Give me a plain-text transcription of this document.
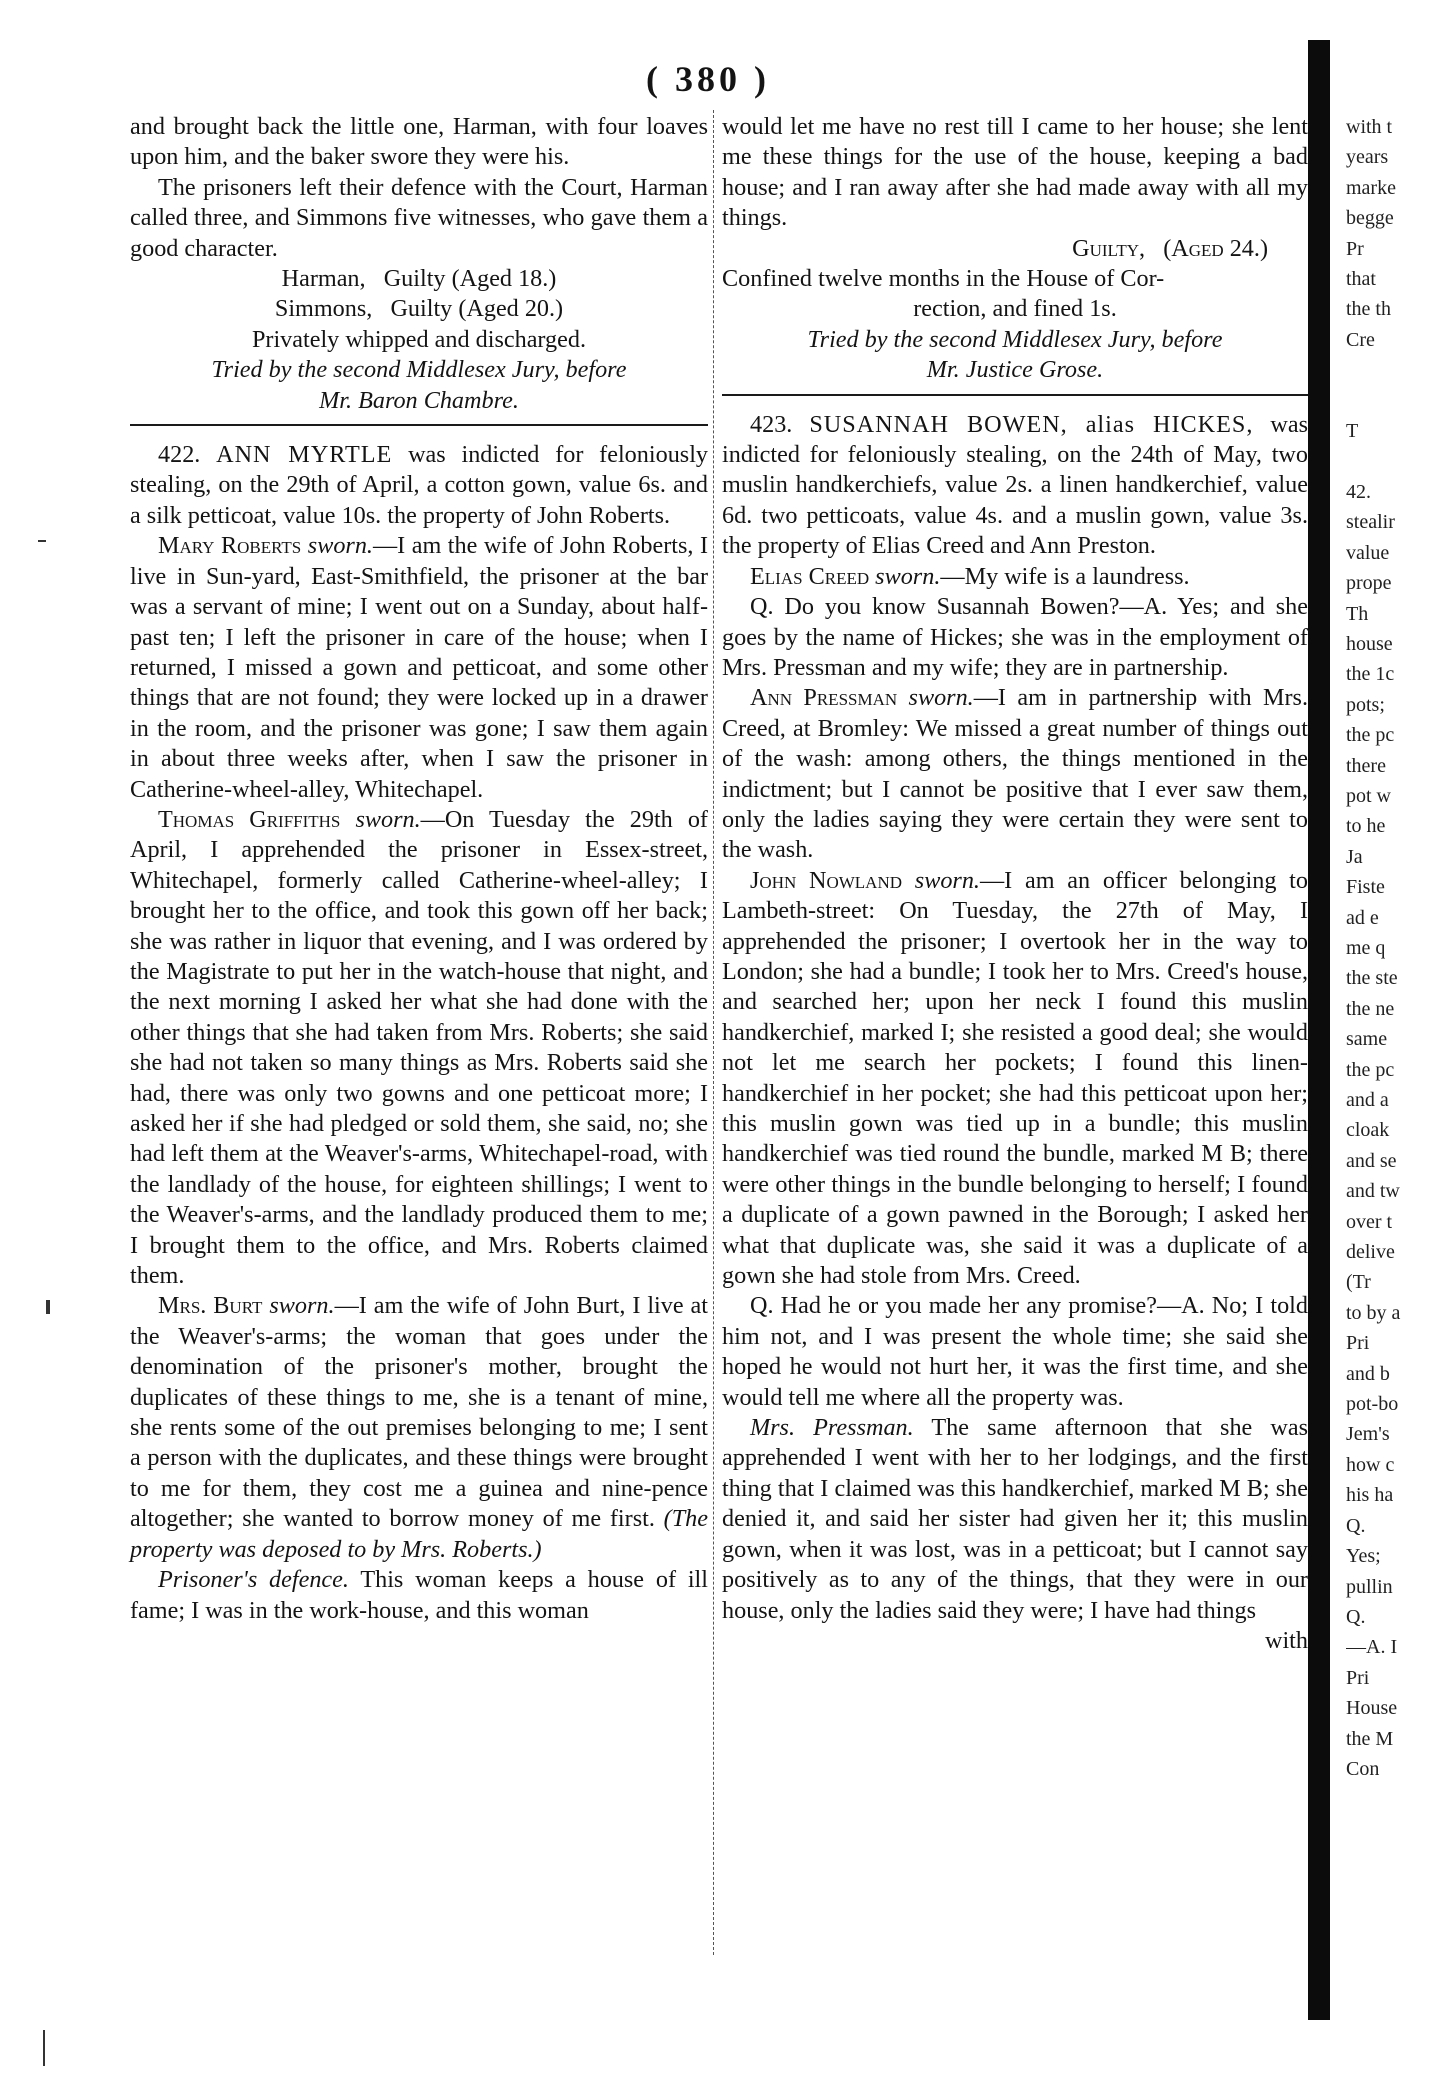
( 380 )

and brought back the little one, Harman, with four loaves upon him, and the baker swore they were his.

The prisoners left their defence with the Court, Harman called three, and Simmons five witnesses, who gave them a good character.

Harman,   Guilty (Aged 18.)

Simmons,   Guilty (Aged 20.)

Privately whipped and discharged.

Tried by the second Middlesex Jury, before

Mr. Baron Chambre.

422. ANN MYRTLE was indicted for feloniously stealing, on the 29th of April, a cotton gown, value 6s. and a silk petticoat, value 10s. the property of John Roberts.

Mary Roberts sworn.—I am the wife of John Roberts, I live in Sun-yard, East-Smithfield, the prisoner at the bar was a servant of mine; I went out on a Sunday, about half-past ten; I left the prisoner in care of the house; when I returned, I missed a gown and petticoat, and some other things that are not found; they were locked up in a drawer in the room, and the prisoner was gone; I saw them again in about three weeks after, when I saw the prisoner in Catherine-wheel-alley, Whitechapel.

Thomas Griffiths sworn.—On Tuesday the 29th of April, I apprehended the prisoner in Essex-street, Whitechapel, formerly called Catherine-wheel-alley; I brought her to the office, and took this gown off her back; she was rather in liquor that evening, and I was ordered by the Magistrate to put her in the watch-house that night, and the next morning I asked her what she had done with the other things that she had taken from Mrs. Roberts; she said she had not taken so many things as Mrs. Roberts said she had, there was only two gowns and one petticoat more; I asked her if she had pledged or sold them, she said, no; she had left them at the Weaver's-arms, Whitechapel-road, with the landlady of the house, for eighteen shillings; I went to the Weaver's-arms, and the landlady produced them to me; I brought them to the office, and Mrs. Roberts claimed them.

Mrs. Burt sworn.—I am the wife of John Burt, I live at the Weaver's-arms; the woman that goes under the denomination of the prisoner's mother, brought the duplicates of these things to me, she is a tenant of mine, she rents some of the out premises belonging to me; I sent a person with the duplicates, and these things were brought to me for them, they cost me a guinea and nine-pence altogether; she wanted to borrow money of me first. (The property was deposed to by Mrs. Roberts.)

Prisoner's defence. This woman keeps a house of ill fame; I was in the work-house, and this woman

would let me have no rest till I came to her house; she lent me these things for the use of the house, keeping a bad house; and I ran away after she had made away with all my things.

Guilty,   (Aged 24.)

Confined twelve months in the House of Cor-

rection, and fined 1s.

Tried by the second Middlesex Jury, before

Mr. Justice Grose.

423. SUSANNAH BOWEN, alias HICKES, was indicted for feloniously stealing, on the 24th of May, two muslin handkerchiefs, value 2s. a linen handkerchief, value 6d. two petticoats, value 4s. and a muslin gown, value 3s. the property of Elias Creed and Ann Preston.

Elias Creed sworn.—My wife is a laundress.

Q. Do you know Susannah Bowen?—A. Yes; and she goes by the name of Hickes; she was in the employment of Mrs. Pressman and my wife; they are in partnership.

Ann Pressman sworn.—I am in partnership with Mrs. Creed, at Bromley: We missed a great number of things out of the wash: among others, the things mentioned in the indictment; but I cannot be positive that I ever saw them, only the ladies saying they were certain they were sent to the wash.

John Nowland sworn.—I am an officer belonging to Lambeth-street: On Tuesday, the 27th of May, I apprehended the prisoner; I overtook her in the way to London; she had a bundle; I took her to Mrs. Creed's house, and searched her; upon her neck I found this muslin handkerchief, marked I; she resisted a good deal; she would not let me search her pockets; I found this linen-handkerchief in her pocket; she had this petticoat upon her; this muslin gown was tied up in a bundle; this muslin handkerchief was tied round the bundle, marked M B; there were other things in the bundle belonging to herself; I found a duplicate of a gown pawned in the Borough; I asked her what that duplicate was, she said it was a duplicate of a gown she had stole from Mrs. Creed.

Q. Had he or you made her any promise?—A. No; I told him not, and I was present the whole time; she said she hoped he would not hurt her, it was the first time, and she would tell me where all the property was.

Mrs. Pressman. The same afternoon that she was apprehended I went with her to her lodgings, and the first thing that I claimed was this handkerchief, marked M B; she denied it, and said her sister had given her it; this muslin gown, when it was lost, was in a petticoat; but I cannot say positively as to any of the things, that they were in our house, only the ladies said they were; I have had things

with

with t
years
marke
begge
Pr
that
the th
Cre

T

42.
stealir
value
prope
Th
house
the 1c
pots;
the pc
there
pot w
to he
Ja
Fiste
ad e
me q
the ste
the ne
same
the pc
and a
cloak
and se
and tw
over t
delive
(Tr
to by a
Pri
and b
pot-bo
Jem's
how c
his ha
Q.
Yes;
pullin
Q.
—A. I
Pri
House
the M
Con
